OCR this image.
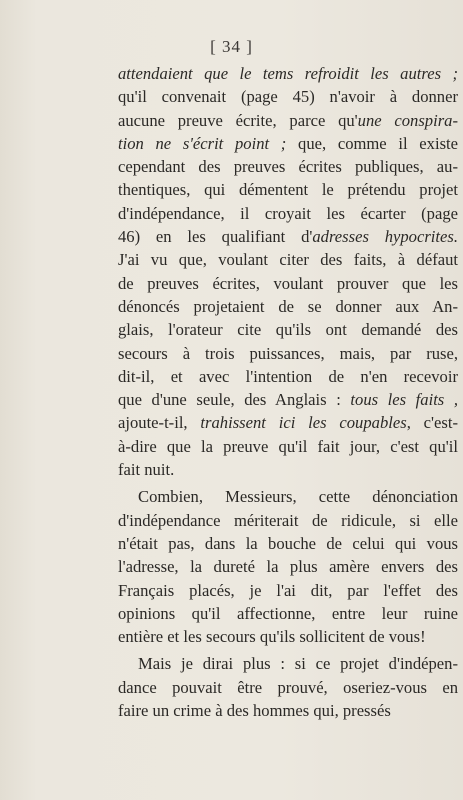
[ 34 ]
attendaient que le tems refroidit les autres ;
qu'il convenait (page 45) n'avoir à donner
aucune preuve écrite, parce qu'une conspira-
tion ne s'écrit point ; que, comme il existe
cependant des preuves écrites publiques, au-
thentiques, qui démentent le prétendu projet
d'indépendance, il croyait les écarter (page
46) en les qualifiant d'adresses hypocrites.
J'ai vu que, voulant citer des faits, à défaut
de preuves écrites, voulant prouver que les
dénoncés projetaient de se donner aux An-
glais, l'orateur cite qu'ils ont demandé des
secours à trois puissances, mais, par ruse,
dit-il, et avec l'intention de n'en recevoir
que d'une seule, des Anglais : tous les faits ,
ajoute-t-il, trahissent ici les coupables, c'est-
à-dire que la preuve qu'il fait jour, c'est qu'il
fait nuit.
Combien, Messieurs, cette dénonciation
d'indépendance mériterait de ridicule, si elle
n'était pas, dans la bouche de celui qui vous
l'adresse, la dureté la plus amère envers des
Français placés, je l'ai dit, par l'effet des
opinions qu'il affectionne, entre leur ruine
entière et les secours qu'ils sollicitent de vous!
Mais je dirai plus : si ce projet d'indépen-
dance pouvait être prouvé, oseriez-vous en
faire un crime à des hommes qui, pressés
